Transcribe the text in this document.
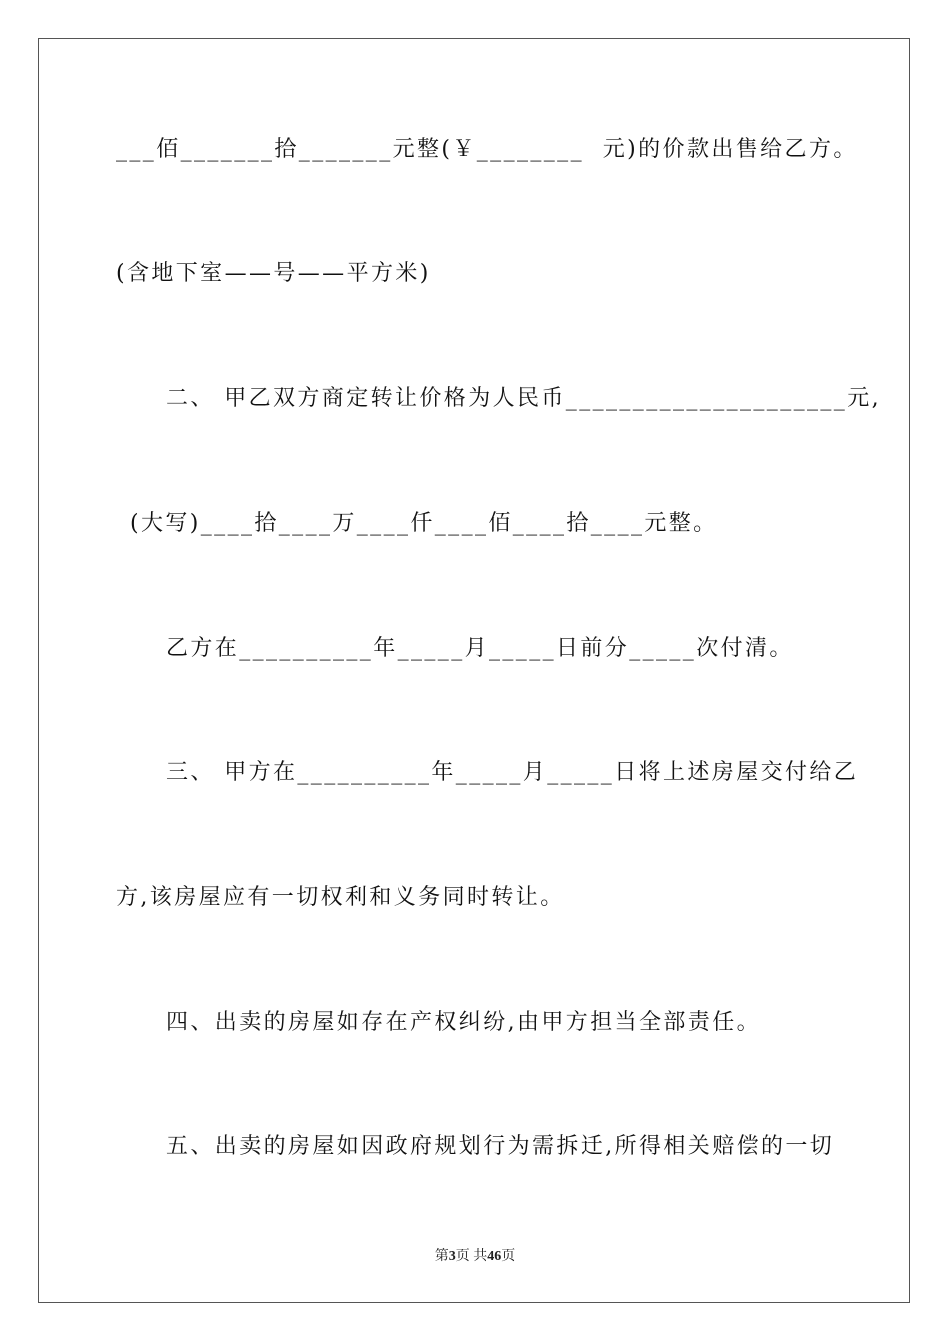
___佰_______拾_______元整(￥________  元)的价款出售给乙方。
(含地下室——号——平方米)
二、 甲乙双方商定转让价格为人民币_____________________元,
(大写)____拾____万____仟____佰____拾____元整。
乙方在__________年_____月_____日前分_____次付清。
三、 甲方在__________年_____月_____日将上述房屋交付给乙
方,该房屋应有一切权利和义务同时转让。
四、出卖的房屋如存在产权纠纷,由甲方担当全部责任。
五、出卖的房屋如因政府规划行为需拆迁,所得相关赔偿的一切
第3页 共46页
